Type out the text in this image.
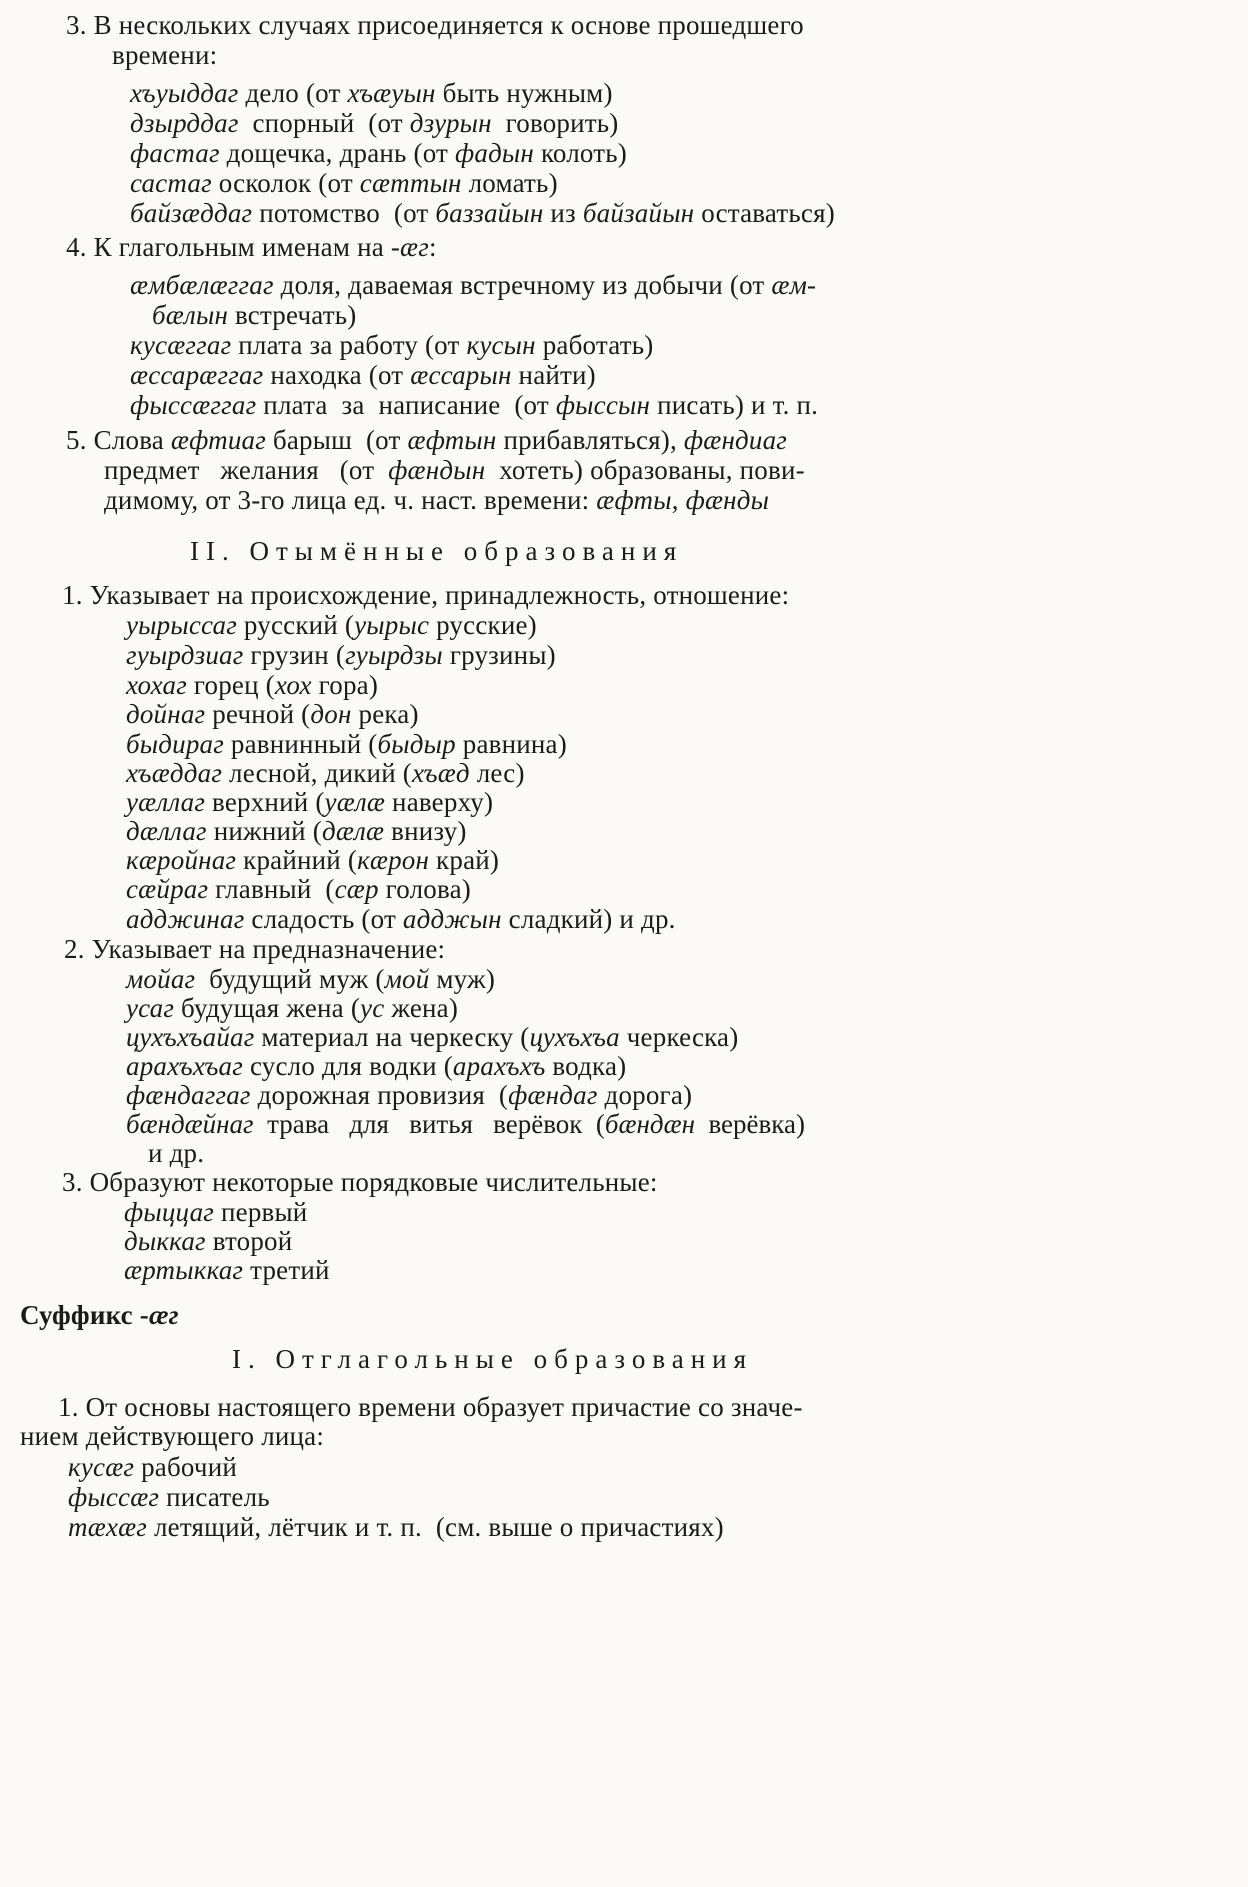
3. В нескольких случаях присоединяется к основе прошедшего
времени:
хъуыддаг дело (от хъæуын быть нужным)
дзырддаг  спорный  (от дзурын  говорить)
фастаг дощечка, дрань (от фадын колоть)
састаг осколок (от сæттын ломать)
байзæддаг потомство  (от баззайын из байзайын оставаться)
4. К глагольным именам на -æг:
æмбæлæггаг доля, даваемая встречному из добычи (от æм-
бæлын встречать)
кусæггаг плата за работу (от кусын работать)
æссарæггаг находка (от æссарын найти)
фыссæггаг плата  за  написание  (от фыссын писать) и т. п.
5. Слова æфтиаг барыш  (от æфтын прибавляться), фæндиаг
предмет   желания   (от  фæндын  хотеть) образованы, пови-
димому, от 3-го лица ед. ч. наст. времени: æфты, фæнды
II. Отымённые образования
1. Указывает на происхождение, принадлежность, отношение:
уырыссаг русский (уырыс русские)
гуырдзиаг грузин (гуырдзы грузины)
хохаг горец (хох гора)
дойнаг речной (дон река)
быдираг равнинный (быдыр равнина)
хъæддаг лесной, дикий (хъæд лес)
уæллаг верхний (уæлæ наверху)
дæллаг нижний (дæлæ внизу)
кæройнаг крайний (кæрон край)
сæйраг главный  (сæр голова)
адджинаг сладость (от адджын сладкий) и др.
2. Указывает на предназначение:
мойаг  будущий муж (мой муж)
усаг будущая жена (ус жена)
цухъхъайаг материал на черкеску (цухъхъа черкеска)
арахъхъаг сусло для водки (арахъхъ водка)
фæндаггаг дорожная провизия  (фæндаг дорога)
бæндæйнаг  трава   для   витья   верёвок  (бæндæн  верёвка)
и др.
3. Образуют некоторые порядковые числительные:
фыццаг первый
дыккаг второй
æртыккаг третий
Суффикс -æг
I. Отглагольные образования
1. От основы настоящего времени образует причастие со значе-
нием действующего лица:
кусæг рабочий
фыссæг писатель
тæхæг летящий, лётчик и т. п.  (см. выше о причастиях)
